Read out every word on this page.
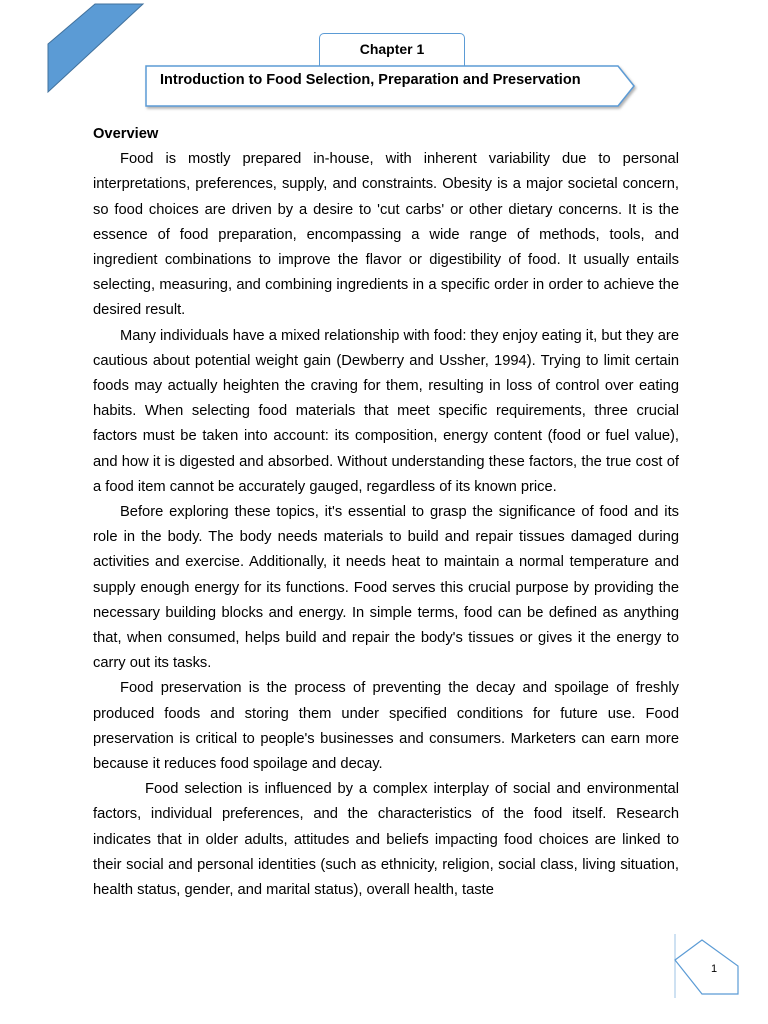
Chapter 1
Introduction to Food Selection, Preparation and Preservation

Overview

Food is mostly prepared in-house, with inherent variability due to personal interpretations, preferences, supply, and constraints. Obesity is a major societal concern, so food choices are driven by a desire to 'cut carbs' or other dietary concerns. It is the essence of food preparation, encompassing a wide range of methods, tools, and ingredient combinations to improve the flavor or digestibility of food. It usually entails selecting, measuring, and combining ingredients in a specific order in order to achieve the desired result.

Many individuals have a mixed relationship with food: they enjoy eating it, but they are cautious about potential weight gain (Dewberry and Ussher, 1994). Trying to limit certain foods may actually heighten the craving for them, resulting in loss of control over eating habits. When selecting food materials that meet specific requirements, three crucial factors must be taken into account: its composition, energy content (food or fuel value), and how it is digested and absorbed. Without understanding these factors, the true cost of a food item cannot be accurately gauged, regardless of its known price.

Before exploring these topics, it's essential to grasp the significance of food and its role in the body. The body needs materials to build and repair tissues damaged during activities and exercise. Additionally, it needs heat to maintain a normal temperature and supply enough energy for its functions. Food serves this crucial purpose by providing the necessary building blocks and energy. In simple terms, food can be defined as anything that, when consumed, helps build and repair the body's tissues or gives it the energy to carry out its tasks.

Food preservation is the process of preventing the decay and spoilage of freshly produced foods and storing them under specified conditions for future use. Food preservation is critical to people's businesses and consumers. Marketers can earn more because it reduces food spoilage and decay.

Food selection is influenced by a complex interplay of social and environmental factors, individual preferences, and the characteristics of the food itself. Research indicates that in older adults, attitudes and beliefs impacting food choices are linked to their social and personal identities (such as ethnicity, religion, social class, living situation, health status, gender, and marital status), overall health, taste

1
